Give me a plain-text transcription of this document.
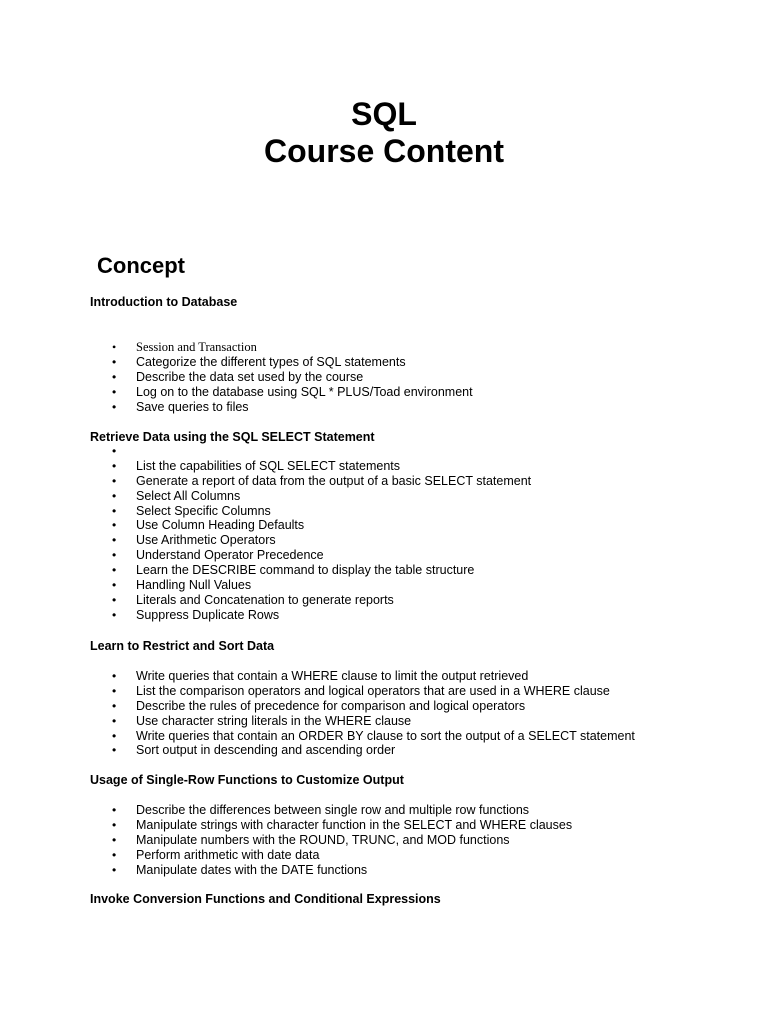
SQL
Course Content
Concept
Introduction to Database
• Session and Transaction
• Categorize the different types of SQL statements
• Describe the data set used by the course
• Log on to the database using SQL * PLUS/Toad environment
• Save queries to files
Retrieve Data using the SQL SELECT Statement
•
• List the capabilities of SQL SELECT statements
• Generate a report of data from the output of a basic SELECT statement
• Select All Columns
• Select Specific Columns
• Use Column Heading Defaults
• Use Arithmetic Operators
• Understand Operator Precedence
• Learn the DESCRIBE command to display the table structure
• Handling Null Values
• Literals and Concatenation to generate reports
• Suppress Duplicate Rows
Learn to Restrict and Sort Data
• Write queries that contain a WHERE clause to limit the output retrieved
• List the comparison operators and logical operators that are used in a WHERE clause
• Describe the rules of precedence for comparison and logical operators
• Use character string literals in the WHERE clause
• Write queries that contain an ORDER BY clause to sort the output of a SELECT statement
• Sort output in descending and ascending order
Usage of Single-Row Functions to Customize Output
• Describe the differences between single row and multiple row functions
• Manipulate strings with character function in the SELECT and WHERE clauses
• Manipulate numbers with the ROUND, TRUNC, and MOD functions
• Perform arithmetic with date data
• Manipulate dates with the DATE functions
Invoke Conversion Functions and Conditional Expressions
